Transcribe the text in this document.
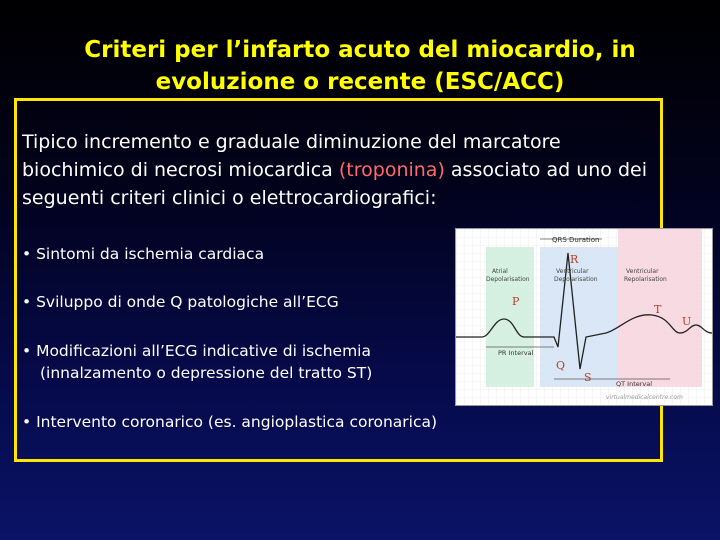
Criteri per l’infarto acuto del miocardio, in
evoluzione o recente (ESC/ACC)
Tipico incremento e graduale diminuzione del marcatore biochimico di necrosi miocardica (troponina) associato ad uno dei seguenti criteri clinici o elettrocardiografici:
• Sintomi da ischemia cardiaca
• Sviluppo di onde Q patologiche all’ECG
• Modificazioni all’ECG indicative di ischemia
(innalzamento o depressione del tratto ST)
• Intervento coronarico (es. angioplastica coronarica)
QRS Duration
Atrial
Depolarisation
Ventricular
Depolarisation
Ventricular
Repolarisation
P
R
Q
S
T
U
PR Interval
QT Interval
virtualmedicalcentre.com
